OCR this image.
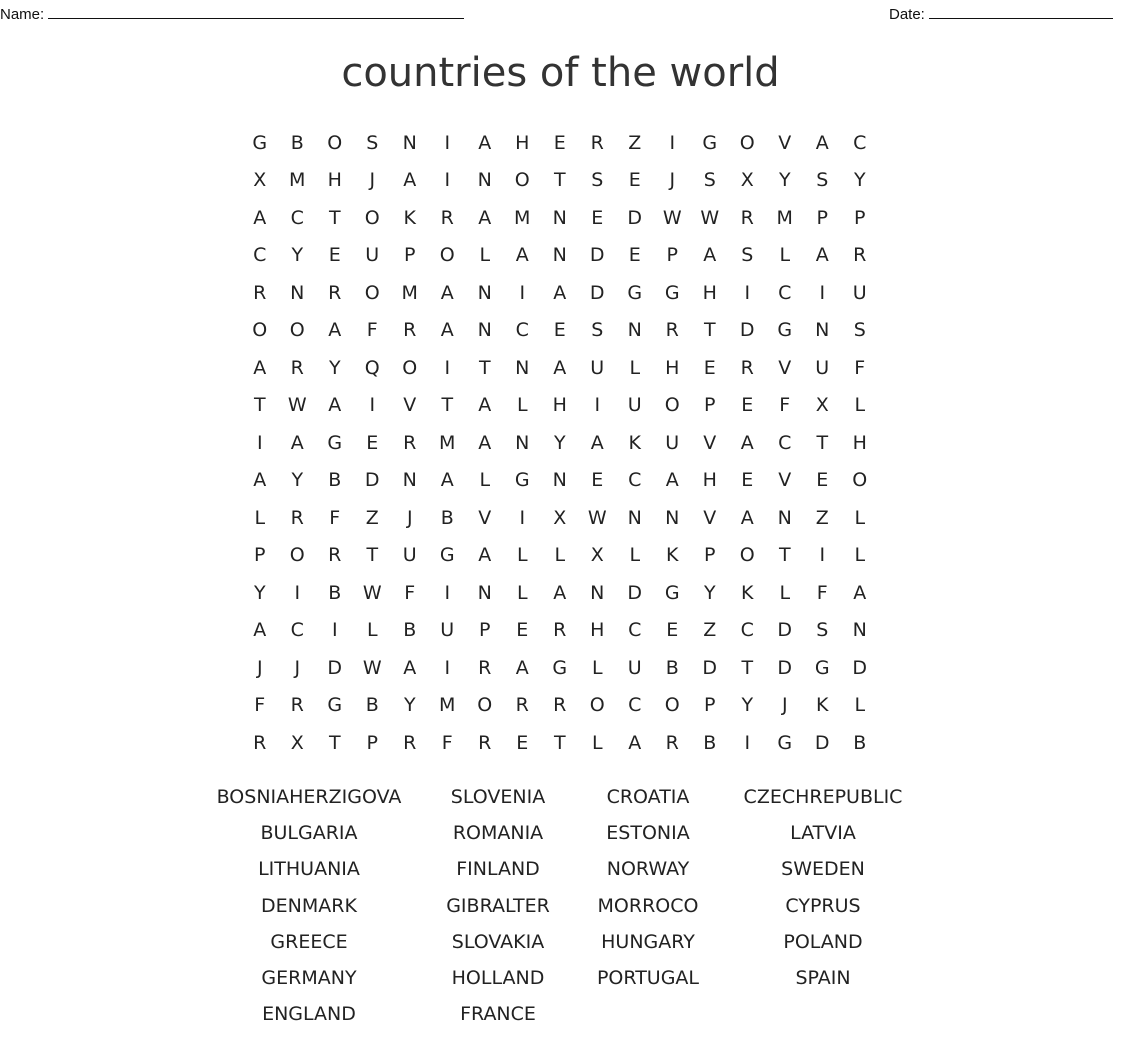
Name:	Date:
countries of the world
G	B	O	S	N	I	A	H	E	R	Z	I	G	O	V	A	C
X	M	H	J	A	I	N	O	T	S	E	J	S	X	Y	S	Y
A	C	T	O	K	R	A	M	N	E	D	W W	R	M	P	P
C	Y	E	U	P	O	L	A	N	D	E	P	A	S	L	A	R
R	N	R	O	M	A	N	I	A	D	G	G	H	I	C	I	U
O	O	A	F	R	A	N	C	E	S	N	R	T	D	G	N	S
A	R	Y	Q	O	I	T	N	A	U	L	H	E	R	V	U	F
T	W	A	I	V	T	A	L	H	I	U	O	P	E	F	X	L
I	A	G	E	R	M	A	N	Y	A	K	U	V	A	C	T	H
A	Y	B	D	N	A	L	G	N	E	C	A	H	E	V	E	O
L	R	F	Z	J	B	V	I	X	W	N	N	V	A	N	Z	L
P	O	R	T	U	G	A	L	L	X	L	K	P	O	T	I	L
Y	I	B	W	F	I	N	L	A	N	D	G	Y	K	L	F	A
A	C	I	L	B	U	P	E	R	H	C	E	Z	C	D	S	N
J	J	D	W	A	I	R	A	G	L	U	B	D	T	D	G	D
F	R	G	B	Y	M	O	R	R	O	C	O	P	Y	J	K	L
R	X	T	P	R	F	R	E	T	L	A	R	B	I	G	D	B
BOSNIAHERZIGOVA	SLOVENIA	CROATIA	CZECHREPUBLIC
BULGARIA	ROMANIA	ESTONIA	LATVIA
LITHUANIA	FINLAND	NORWAY	SWEDEN
DENMARK	GIBRALTER	MORROCO	CYPRUS
GREECE	SLOVAKIA	HUNGARY	POLAND
GERMANY	HOLLAND	PORTUGAL	SPAIN
ENGLAND	FRANCE
